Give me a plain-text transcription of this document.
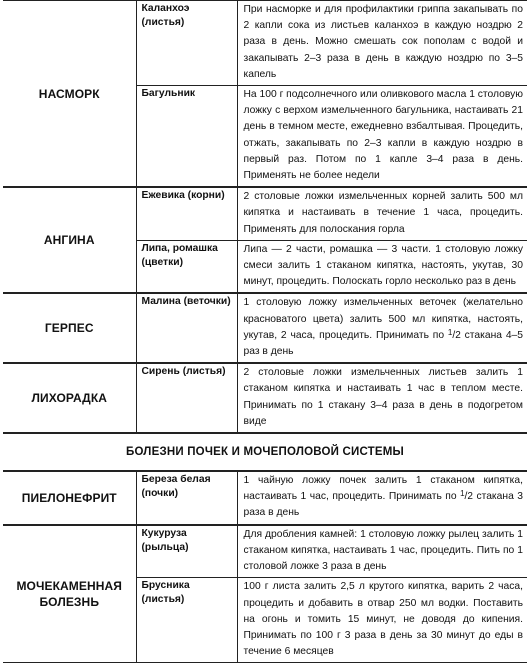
НАСМОРК	Каланхоэ (листья)	При насморке и для профилактики гриппа закапывать по 2 капли сока из листьев каланхоэ в каждую ноздрю 2 раза в день. Можно смешать сок пополам с водой и закапывать 2–3 раза в день в каждую ноздрю по 3–5 капель
	Багульник	На 100 г подсолнечного или оливкового масла 1 столовую ложку с верхом измельченного багульника, настаивать 21 день в темном месте, ежедневно взбалтывая. Процедить, отжать, закапывать по 2–3 капли в каждую ноздрю в первый раз. Потом по 1 капле 3–4 раза в день. Применять не более недели
АНГИНА	Ежевика (корни)	2 столовые ложки измельченных корней залить 500 мл кипятка и настаивать в течение 1 часа, процедить. Применять для полоскания горла
	Липа, ромашка (цветки)	Липа — 2 части, ромашка — 3 части. 1 столовую ложку смеси залить 1 стаканом кипятка, настоять, укутав, 30 минут, процедить. Полоскать горло несколько раз в день
ГЕРПЕС	Малина (веточки)	1 столовую ложку измельченных веточек (желательно красноватого цвета) залить 500 мл кипятка, настоять, укутав, 2 часа, процедить. Принимать по $^1$/2 стакана 4–5 раз в день
ЛИХОРАДКА	Сирень (листья)	2 столовые ложки измельченных листьев залить 1 стаканом кипятка и настаивать 1 час в теплом месте. Принимать по 1 стакану 3–4 раза в день в подогретом виде
БОЛЕЗНИ ПОЧЕК И МОЧЕПОЛОВОЙ СИСТЕМЫ		
ПИЕЛОНЕФРИТ	Береза белая (почки)	1 чайную ложку почек залить 1 стаканом кипятка, настаивать 1 час, процедить. Принимать по $^1$/2 стакана 3 раза в день
МОЧЕКАМЕННАЯ БОЛЕЗНЬ	Кукуруза (рыльца)	Для дробления камней: 1 столовую ложку рылец залить 1 стаканом кипятка, настаивать 1 час, процедить. Пить по 1 столовой ложке 3 раза в день
	Брусника (листья)	100 г листа залить 2,5 л крутого кипятка, варить 2 часа, процедить и добавить в отвар 250 мл водки. Поставить на огонь и томить 15 минут, не доводя до кипения. Принимать по 100 г 3 раза в день за 30 минут до еды в течение 6 месяцев
